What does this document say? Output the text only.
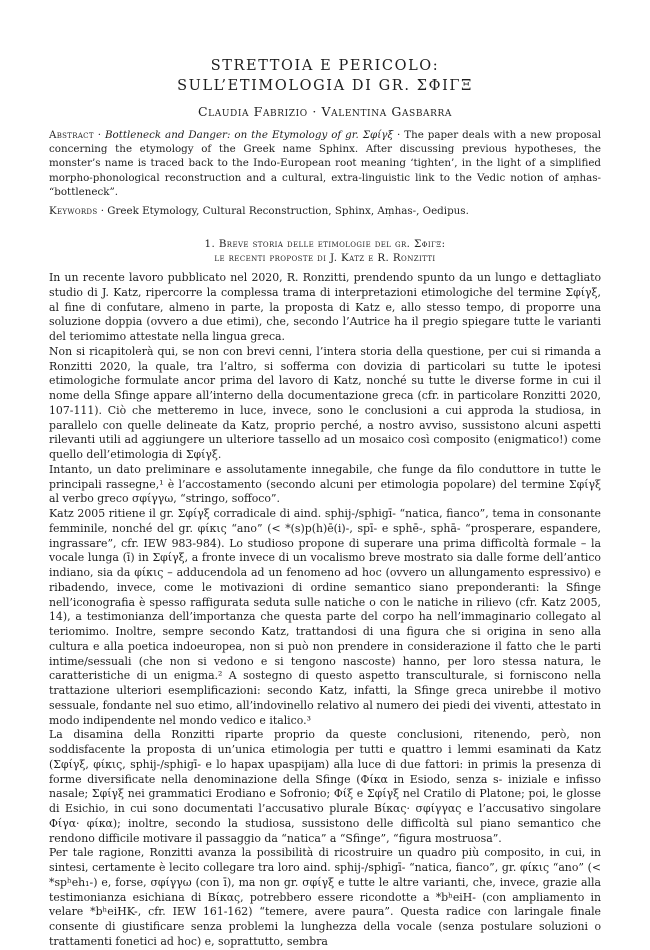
STRETTOIA E PERICOLO:
SULL’ETIMOLOGIA DI GR. ΣΦΙΓΞ
Claudia Fabrizio · Valentina Gasbarra
Abstract · Bottleneck and Danger: on the Etymology of gr. Σφίγξ · The paper deals with a new proposal concerning the etymology of the Greek name Sphinx. After discussing previous hypotheses, the monster’s name is traced back to the Indo-European root meaning ‘tighten’, in the light of a simplified morpho-phonological reconstruction and a cultural, extra-linguistic link to the Vedic notion of aṃhas- “bottleneck”.
Keywords · Greek Etymology, Cultural Reconstruction, Sphinx, Aṃhas-, Oedipus.
1. Breve storia delle etimologie del gr. Σφιγξ:
le recenti proposte di J. Katz e R. Ronzitti

In un recente lavoro pubblicato nel 2020, R. Ronzitti, prendendo spunto da un lungo e dettagliato studio di J. Katz, ripercorre la complessa trama di interpretazioni etimologiche del termine Σφίγξ, al fine di confutare, almeno in parte, la proposta di Katz e, allo stesso tempo, di proporre una soluzione doppia (ovvero a due etimi), che, secondo l’Autrice ha il pregio spiegare tutte le varianti del teriomimo attestate nella lingua greca.

Non si ricapitolerà qui, se non con brevi cenni, l’intera storia della questione, per cui si rimanda a Ronzitti 2020, la quale, tra l’altro, si sofferma con dovizia di particolari su tutte le ipotesi etimologiche formulate ancor prima del lavoro di Katz, nonché su tutte le diverse forme in cui il nome della Sfinge appare all’interno della documentazione greca (cfr. in particolare Ronzitti 2020, 107-111). Ciò che metteremo in luce, invece, sono le conclusioni a cui approda la studiosa, in parallelo con quelle delineate da Katz, proprio perché, a nostro avviso, sussistono alcuni aspetti rilevanti utili ad aggiungere un ulteriore tassello ad un mosaico così composito (enigmatico!) come quello dell’etimologia di Σφίγξ.

Intanto, un dato preliminare e assolutamente innegabile, che funge da filo conduttore in tutte le principali rassegne,¹ è l’accostamento (secondo alcuni per etimologia popolare) del termine Σφίγξ al verbo greco σφίγγω, “stringo, soffoco”.

Katz 2005 ritiene il gr. Σφίγξ corradicale di aind. sphij-/sphigī- “natica, fianco”, tema in consonante femminile, nonché del gr. φίκις “ano” (< *(s)p(h)ē(i)-, spī- e sphē-, sphā- “prosperare, espandere, ingrassare”, cfr. IEW 983-984). Lo studioso propone di superare una prima difficoltà formale – la vocale lunga (ī) in Σφίγξ, a fronte invece di un vocalismo breve mostrato sia dalle forme dell’antico indiano, sia da φίκις – adducendola ad un fenomeno ad hoc (ovvero un allungamento espressivo) e ribadendo, invece, come le motivazioni di ordine semantico siano preponderanti: la Sfinge nell’iconografia è spesso raffigurata seduta sulle natiche o con le natiche in rilievo (cfr. Katz 2005, 14), a testimonianza dell’importanza che questa parte del corpo ha nell’immaginario collegato al teriomimo. Inoltre, sempre secondo Katz, trattandosi di una figura che si origina in seno alla cultura e alla poetica indoeuropea, non si può non prendere in considerazione il fatto che le parti intime/sessuali (che non si vedono e si tengono nascoste) hanno, per loro stessa natura, le caratteristiche di un enigma.² A sostegno di questo aspetto transculturale, si forniscono nella trattazione ulteriori esemplificazioni: secondo Katz, infatti, la Sfinge greca unirebbe il motivo sessuale, fondante nel suo etimo, all’indovinello relativo al numero dei piedi dei viventi, attestato in modo indipendente nel mondo vedico e italico.³

La disamina della Ronzitti riparte proprio da queste conclusioni, ritenendo, però, non soddisfacente la proposta di un’unica etimologia per tutti e quattro i lemmi esaminati da Katz (Σφίγξ, φίκις, sphij-/sphigī- e lo hapax upaspijam) alla luce di due fattori: in primis la presenza di forme diversificate nella denominazione della Sfinge (Φίκα in Esiodo, senza s- iniziale e infisso nasale; Σφίγξ nei grammatici Erodiano e Sofronio; Φίξ e Σφίγξ nel Cratilo di Platone; poi, le glosse di Esichio, in cui sono documentati l’accusativo plurale Βίκας· σφίγγας e l’accusativo singolare Φίγα· φίκα); inoltre, secondo la studiosa, sussistono delle difficoltà sul piano semantico che rendono difficile motivare il passaggio da “natica” a “Sfinge”, “figura mostruosa”.

Per tale ragione, Ronzitti avanza la possibilità di ricostruire un quadro più composito, in cui, in sintesi, certamente è lecito collegare tra loro aind. sphij-/sphigī- “natica, fianco”, gr. φίκις “ano” (< *spʰeh₁-) e, forse, σφίγγω (con ī), ma non gr. σφίγξ e tutte le altre varianti, che, invece, grazie alla testimonianza esichiana di Βίκας, potrebbero essere ricondotte a *bʰeiH- (con ampliamento in velare *bʰeiHK-, cfr. IEW 161-162) “temere, avere paura”. Questa radice con laringale finale consente di giustificare senza problemi la lunghezza della vocale (senza postulare soluzioni o trattamenti fonetici ad hoc) e, soprattutto, sembra
